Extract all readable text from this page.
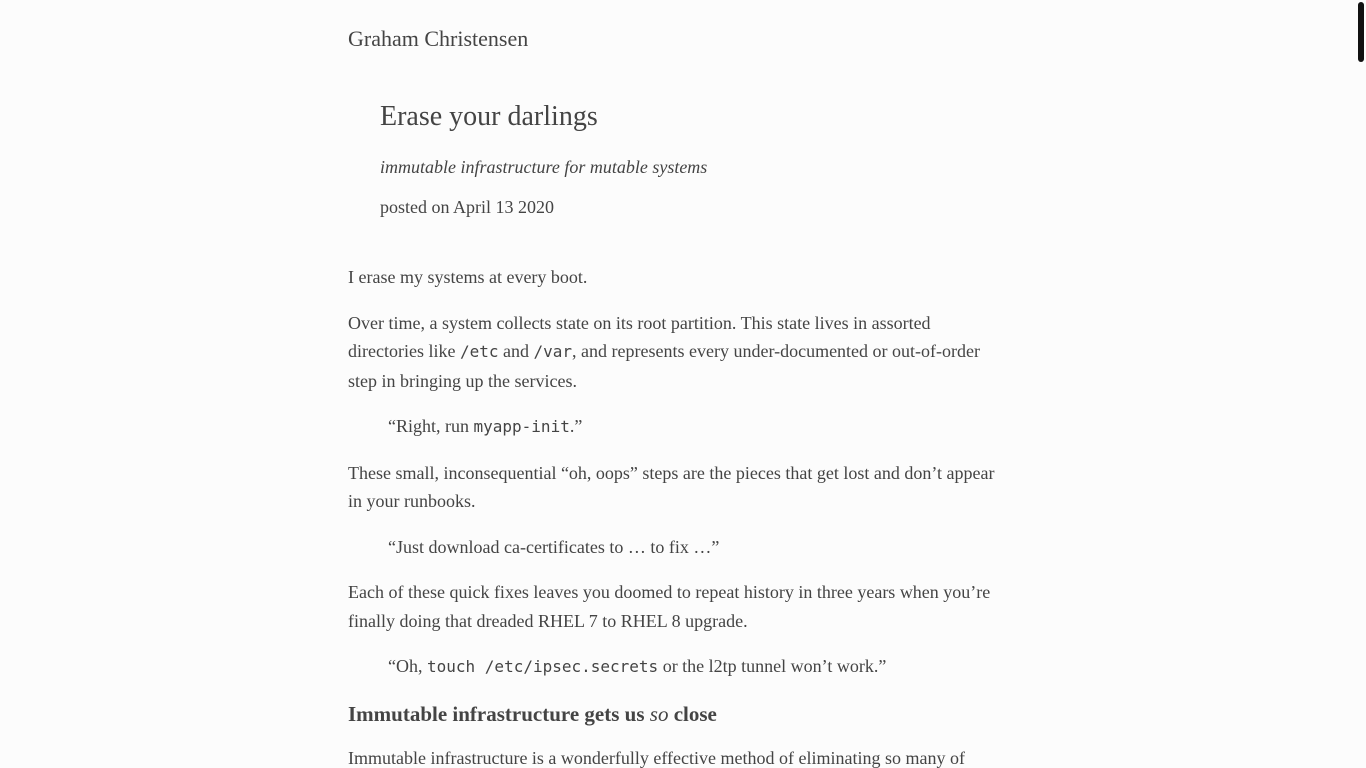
Graham Christensen
Erase your darlings
immutable infrastructure for mutable systems
posted on April 13 2020

I erase my systems at every boot.

Over time, a system collects state on its root partition. This state lives in assorted directories like /etc and /var, and represents every under-documented or out-of-order step in bringing up the services.

“Right, run myapp-init.”

These small, inconsequential “oh, oops” steps are the pieces that get lost and don’t appear in your runbooks.

“Just download ca-certificates to … to fix …”

Each of these quick fixes leaves you doomed to repeat history in three years when you’re finally doing that dreaded RHEL 7 to RHEL 8 upgrade.

“Oh, touch /etc/ipsec.secrets or the l2tp tunnel won’t work.”
Immutable infrastructure gets us so close

Immutable infrastructure is a wonderfully effective method of eliminating so many of
